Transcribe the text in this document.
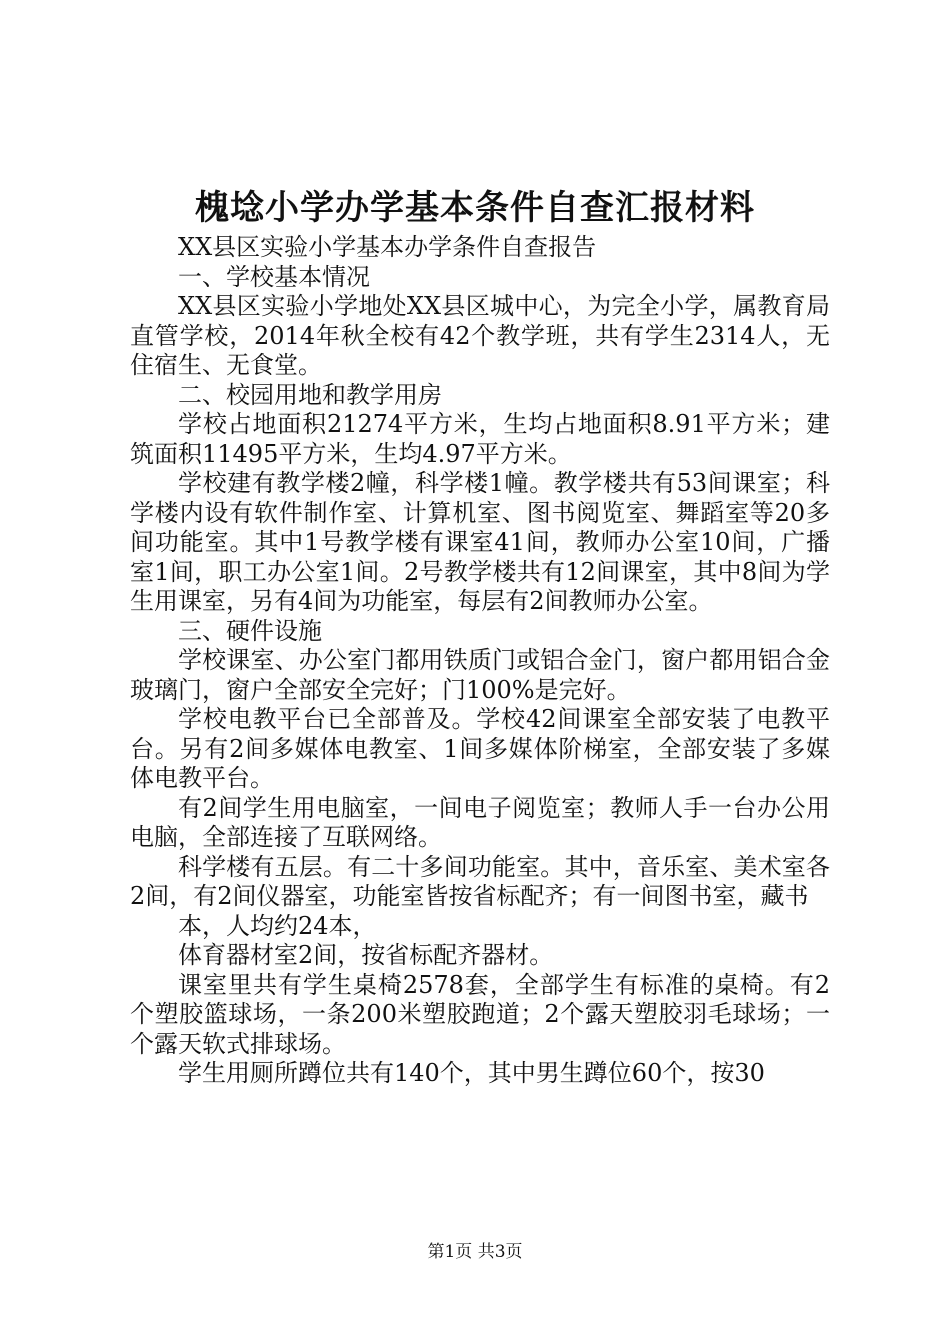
槐埝小学办学基本条件自查汇报材料

XX县区实验小学基本办学条件自查报告

一、学校基本情况

XX县区实验小学地处XX县区城中心，为完全小学，属教育局直管学校，2014年秋全校有42个教学班，共有学生2314人，无住宿生、无食堂。

二、校园用地和教学用房

学校占地面积21274平方米，生均占地面积8.91平方米；建筑面积11495平方米，生均4.97平方米。

学校建有教学楼2幢，科学楼1幢。教学楼共有53间课室；科学楼内设有软件制作室、计算机室、图书阅览室、舞蹈室等20多间功能室。其中1号教学楼有课室41间，教师办公室10间，广播室1间，职工办公室1间。2号教学楼共有12间课室，其中8间为学生用课室，另有4间为功能室，每层有2间教师办公室。

三、硬件设施

学校课室、办公室门都用铁质门或铝合金门，窗户都用铝合金玻璃门，窗户全部安全完好；门100%是完好。

学校电教平台已全部普及。学校42间课室全部安装了电教平台。另有2间多媒体电教室、1间多媒体阶梯室，全部安装了多媒体电教平台。

有2间学生用电脑室，一间电子阅览室；教师人手一台办公用电脑，全部连接了互联网络。

科学楼有五层。有二十多间功能室。其中，音乐室、美术室各2间，有2间仪器室，功能室皆按省标配齐；有一间图书室，藏书

本，人均约24本，

体育器材室2间，按省标配齐器材。

课室里共有学生桌椅2578套，全部学生有标准的桌椅。有2个塑胶篮球场，一条200米塑胶跑道；2个露天塑胶羽毛球场；一个露天软式排球场。

学生用厕所蹲位共有140个，其中男生蹲位60个，按30

第1页 共3页
